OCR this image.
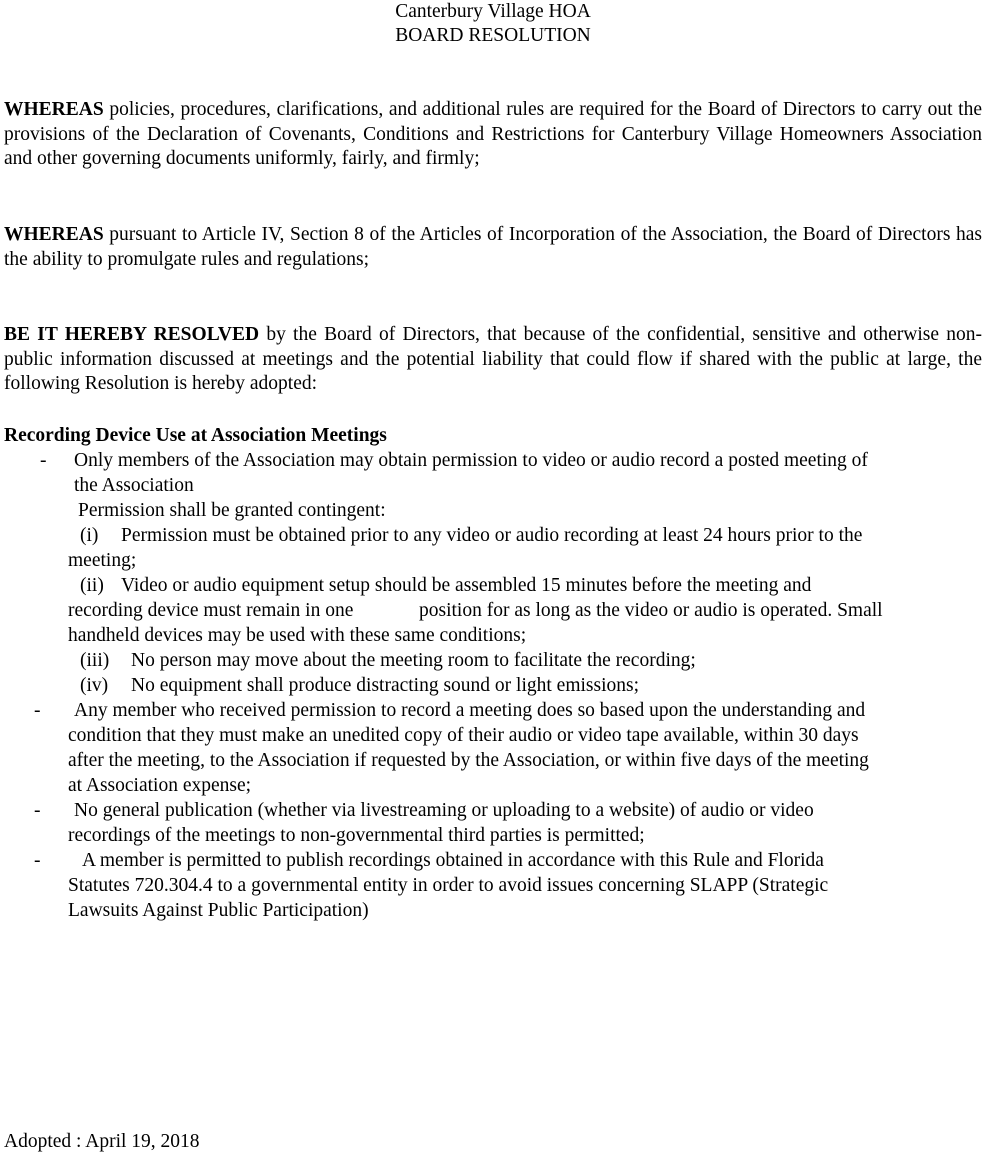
Canterbury Village HOA
BOARD RESOLUTION

WHEREAS policies, procedures, clarifications, and additional rules are required for the Board of Directors to carry out the provisions of the Declaration of Covenants, Conditions and Restrictions for Canterbury Village Homeowners Association and other governing documents uniformly, fairly, and firmly;

WHEREAS pursuant to Article IV, Section 8 of the Articles of Incorporation of the Association, the Board of Directors has the ability to promulgate rules and regulations;

BE IT HEREBY RESOLVED by the Board of Directors, that because of the confidential, sensitive and otherwise non-public information discussed at meetings and the potential liability that could flow if shared with the public at large, the following Resolution is hereby adopted:

Recording Device Use at Association Meetings
- Only members of the Association may obtain permission to video or audio record a posted meeting of
the Association
Permission shall be granted contingent:
(i) Permission must be obtained prior to any video or audio recording at least 24 hours prior to the
meeting;
(ii) Video or audio equipment setup should be assembled 15 minutes before the meeting and
recording device must remain in one	position for as long as the video or audio is operated. Small
handheld devices may be used with these same conditions;
(iii) No person may move about the meeting room to facilitate the recording;
(iv) No equipment shall produce distracting sound or light emissions;
- Any member who received permission to record a meeting does so based upon the understanding and
condition that they must make an unedited copy of their audio or video tape available, within 30 days
after the meeting, to the Association if requested by the Association, or within five days of the meeting
at Association expense;
- No general publication (whether via livestreaming or uploading to a website) of audio or video
recordings of the meetings to non-governmental third parties is permitted;
- A member is permitted to publish recordings obtained in accordance with this Rule and Florida
Statutes 720.304.4 to a governmental entity in order to avoid issues concerning SLAPP (Strategic
Lawsuits Against Public Participation)
Adopted : April 19, 2018
